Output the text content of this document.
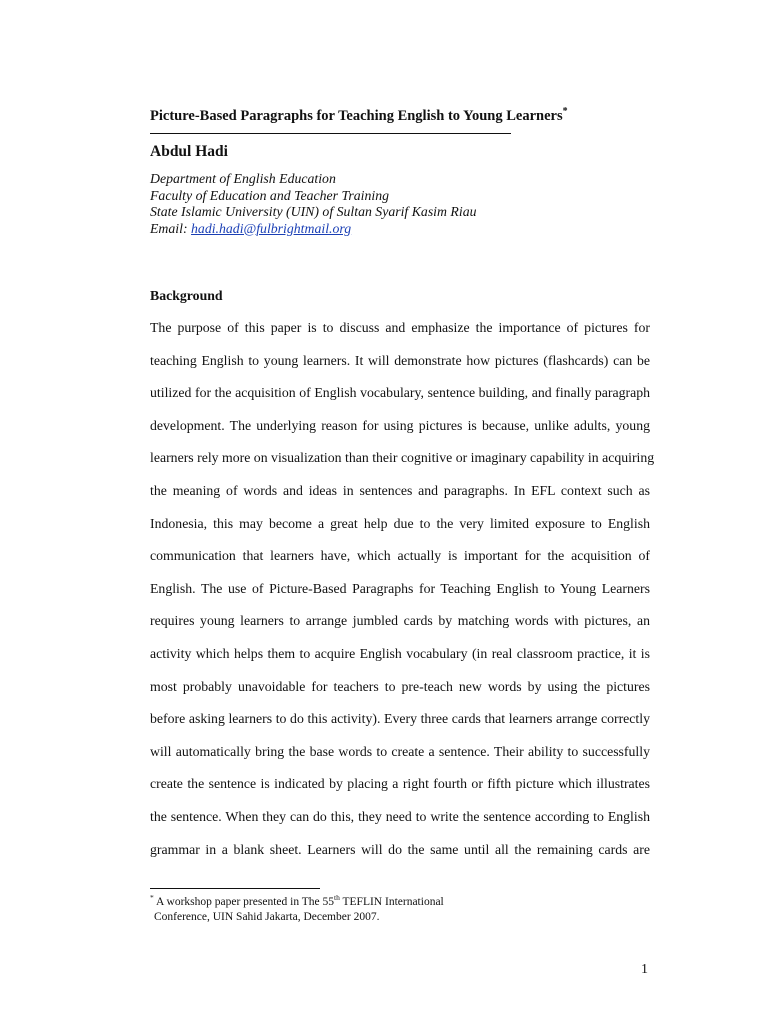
Picture-Based Paragraphs for Teaching English to Young Learners*
Abdul Hadi
Department of English Education
Faculty of Education and Teacher Training
State Islamic University (UIN) of Sultan Syarif Kasim Riau
Email: hadi.hadi@fulbrightmail.org
Background
The purpose of this paper is to discuss and emphasize the importance of pictures for
teaching English to young learners. It will demonstrate how pictures (flashcards) can be
utilized for the acquisition of English vocabulary, sentence building, and finally paragraph
development. The underlying reason for using pictures is because, unlike adults, young
learners rely more on visualization than their cognitive or imaginary capability in acquiring
the meaning of words and ideas in sentences and paragraphs. In EFL context such as
Indonesia, this may become a great help due to the very limited exposure to English
communication that learners have, which actually is important for the acquisition of
English. The use of Picture-Based Paragraphs for Teaching English to Young Learners
requires young learners to arrange jumbled cards by matching words with pictures, an
activity which helps them to acquire English vocabulary (in real classroom practice, it is
most probably unavoidable for teachers to pre-teach new words by using the pictures
before asking learners to do this activity). Every three cards that learners arrange correctly
will automatically bring the base words to create a sentence. Their ability to successfully
create the sentence is indicated by placing a right fourth or fifth picture which illustrates
the sentence. When they can do this, they need to write the sentence according to English
grammar in a blank sheet. Learners will do the same until all the remaining cards are
* A workshop paper presented in The 55th TEFLIN International
Conference, UIN Sahid Jakarta, December 2007.
1
